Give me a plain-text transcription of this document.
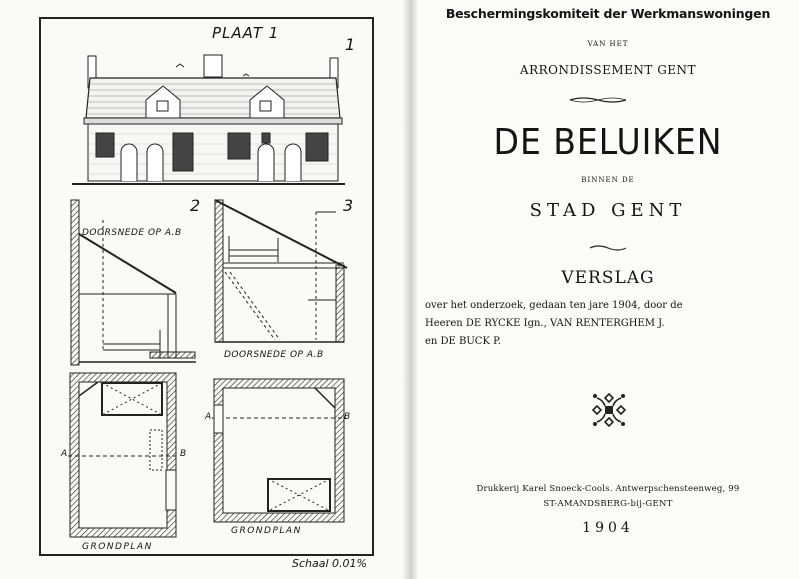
PLAAT 1
1
2	3
DOORSNEDE OP A.B
DOORSNEDE OP A.B
GRONDPLAN
GRONDPLAN
A	B
A	B
Schaal 0.01%
Beschermingskomiteit der Werkmanswoningen
VAN HET
ARRONDISSEMENT GENT
DE BELUIKEN
BINNEN DE
STAD GENT
VERSLAG
over het onderzoek, gedaan ten jare 1904, door de
Heeren DE RYCKE Ign., VAN RENTERGHEM J.
en DE BUCK P.
Drukkerij Karel Snoeck-Cools. Antwerpschensteenweg, 99
ST-AMANDSBERG-bij-GENT
1904
